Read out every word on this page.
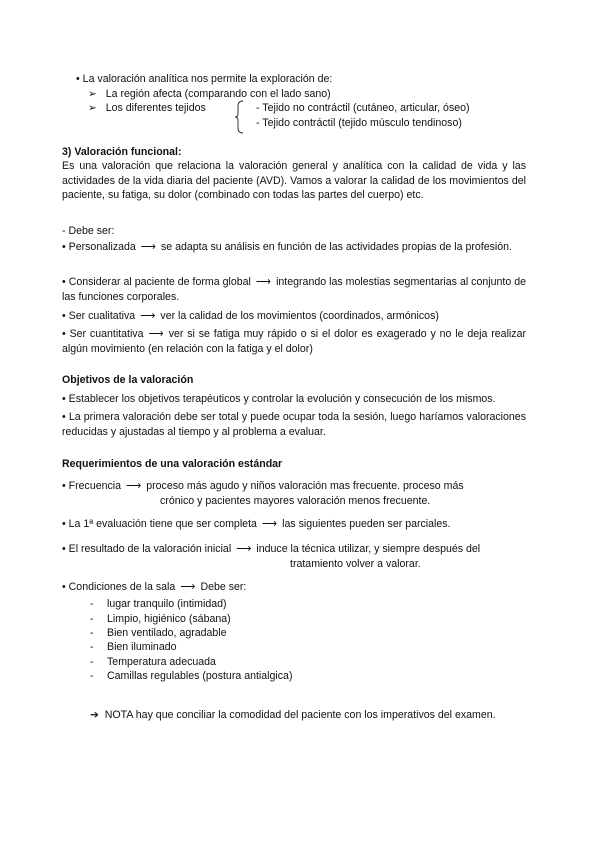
• La valoración analítica nos permite la exploración de:
➢ La región afecta (comparando con el lado sano)
➢ Los diferentes tejidos	- Tejido no contráctil (cutáneo, articular, óseo)
- Tejido contráctil (tejido músculo tendinoso)
3) Valoración funcional:
Es una valoración que relaciona la valoración general y analítica con la calidad de vida y las actividades de la vida diaria del paciente (AVD). Vamos a valorar la calidad de los movimientos del paciente, su fatiga, su dolor (combinado con todas las partes del cuerpo) etc.
- Debe ser:
• Personalizada ⟶ se adapta su análisis en función de las actividades propias de la profesión.
• Considerar al paciente de forma global ⟶ integrando las molestias segmentarias al conjunto de las funciones corporales.
• Ser cualitativa ⟶ ver la calidad de los movimientos (coordinados, armónicos)
• Ser cuantitativa ⟶ ver si se fatiga muy rápido o si el dolor es exagerado y no le deja realizar algún movimiento (en relación con la fatiga y el dolor)
Objetivos de la valoración
• Establecer los objetivos terapéuticos y controlar la evolución y consecución de los mismos.
• La primera valoración debe ser total y puede ocupar toda la sesión, luego haríamos valoraciones reducidas y ajustadas al tiempo y al problema a evaluar.
Requerimientos de una valoración estándar
• Frecuencia ⟶ proceso más agudo y niños valoración mas frecuente. proceso más
crónico y pacientes mayores valoración menos frecuente.
• La 1ª evaluación tiene que ser completa ⟶ las siguientes pueden ser parciales.
• El resultado de la valoración inicial ⟶ induce la técnica utilizar, y siempre después del
tratamiento volver a valorar.
• Condiciones de la sala ⟶ Debe ser:
- lugar tranquilo (intimidad)
- Limpio, higiénico (sábana)
- Bien ventilado, agradable
- Bien iluminado
- Temperatura adecuada
- Camillas regulables (postura antialgica)
➔ NOTA hay que conciliar la comodidad del paciente con los imperativos del examen.
